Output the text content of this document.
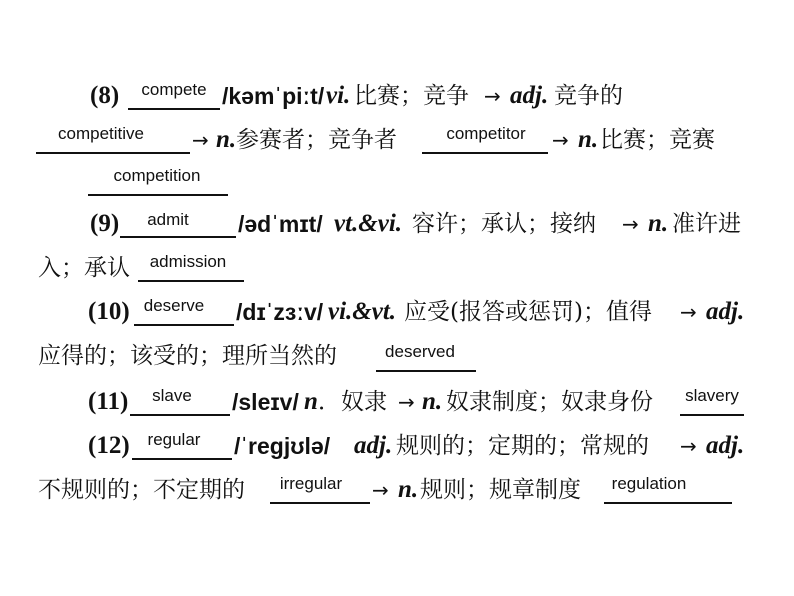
(8)	/kəmˈpiːt/ vi. 比赛；竞争 → adj. 竞争的
compete
→ n. 参赛者；竞争者	→ n. 比赛；竞赛
competitive	competitor
competition
(9)	/ədˈmɪt/ vt.&vi. 容许；承认；接纳 → n. 准许进
admit
入；承认	admission
(10)	/dɪˈzɜːv/ vi.&vt. 应受(报答或惩罚)；值得 → adj.
deserve
应得的；该受的；理所当然的	deserved
(11)	/sleɪv/ n ．奴隶 → n. 奴隶制度；奴隶身份
slave	slavery
(12)	/ˈregjʊlə/ adj. 规则的；定期的；常规的 → adj.
regular
不规则的；不定期的	→ n. 规则；规章制度
irregular	regulation
